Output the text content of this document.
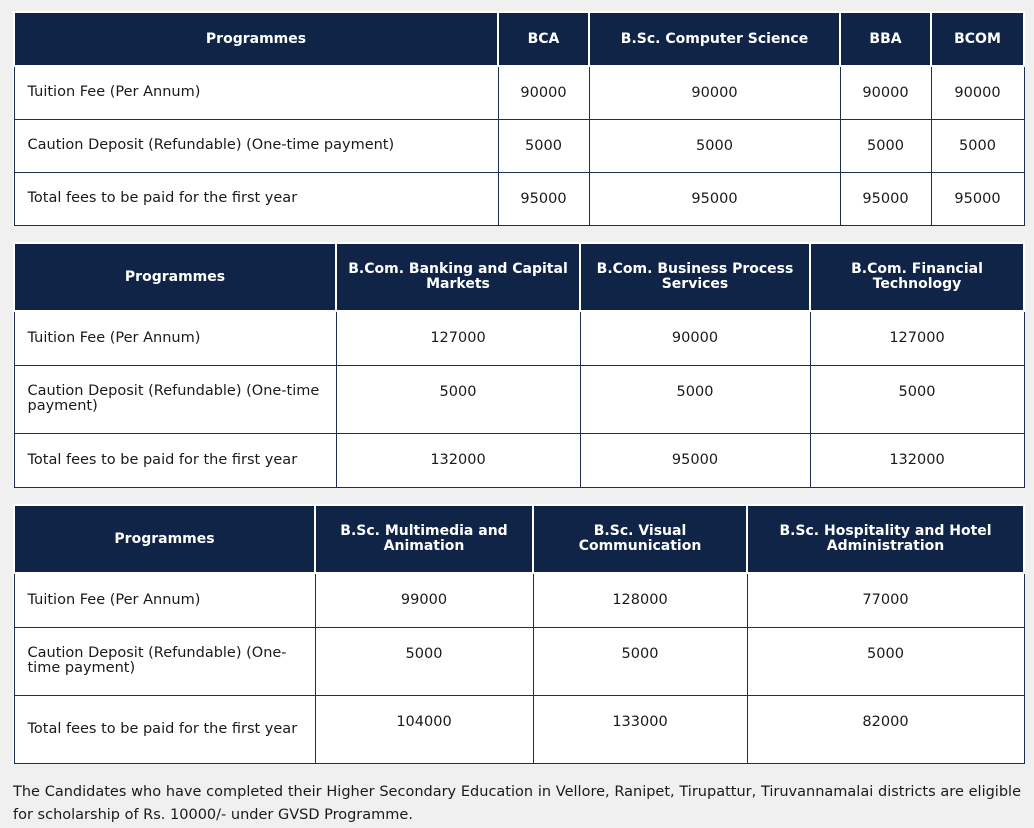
Programmes	BCA	B.Sc. Computer Science	BBA	BCOM
Tuition Fee (Per Annum)	90000	90000	90000	90000
Caution Deposit (Refundable) (One-time payment)	5000	5000	5000	5000
Total fees to be paid for the first year	95000	95000	95000	95000
Programmes	B.Com. Banking and Capital Markets	B.Com. Business Process Services	B.Com. Financial Technology
Tuition Fee (Per Annum)	127000	90000	127000
Caution Deposit (Refundable) (One-time payment)	5000	5000	5000
Total fees to be paid for the first year	132000	95000	132000
Programmes	B.Sc. Multimedia and Animation	B.Sc. Visual Communication	B.Sc. Hospitality and Hotel Administration
Tuition Fee (Per Annum)	99000	128000	77000
Caution Deposit (Refundable) (One-time payment)	5000	5000	5000
Total fees to be paid for the first year	104000	133000	82000

The Candidates who have completed their Higher Secondary Education in Vellore, Ranipet, Tirupattur, Tiruvannamalai districts are eligible for scholarship of Rs. 10000/- under GVSD Programme.
